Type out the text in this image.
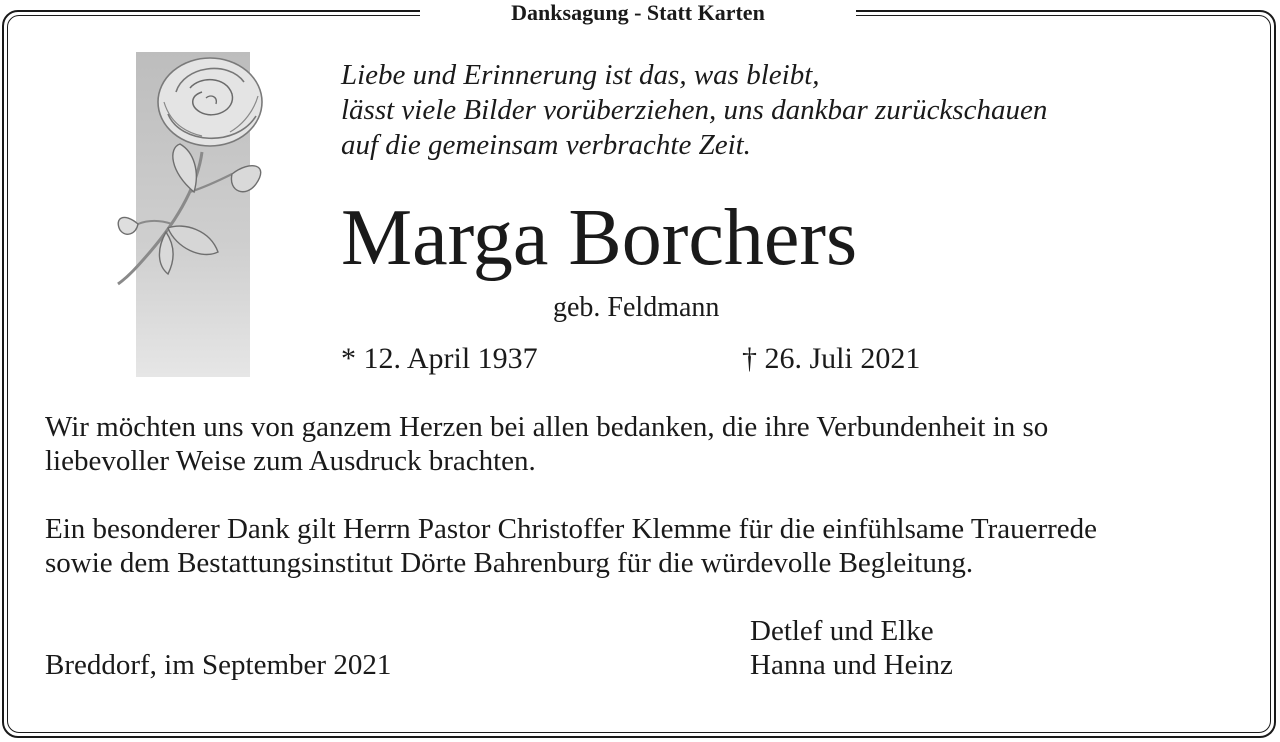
Danksagung - Statt Karten
Liebe und Erinnerung ist das, was bleibt,
lässt viele Bilder vorüberziehen, uns dankbar zurückschauen
auf die gemeinsam verbrachte Zeit.
Marga Borchers
geb. Feldmann
* 12. April 1937	† 26. Juli 2021
Wir möchten uns von ganzem Herzen bei allen bedanken, die ihre Verbundenheit in so
liebevoller Weise zum Ausdruck brachten.
Ein besonderer Dank gilt Herrn Pastor Christoffer Klemme für die einfühlsame Trauerrede
sowie dem Bestattungsinstitut Dörte Bahrenburg für die würdevolle Begleitung.
Breddorf, im September 2021
Detlef und Elke
Hanna und Heinz
